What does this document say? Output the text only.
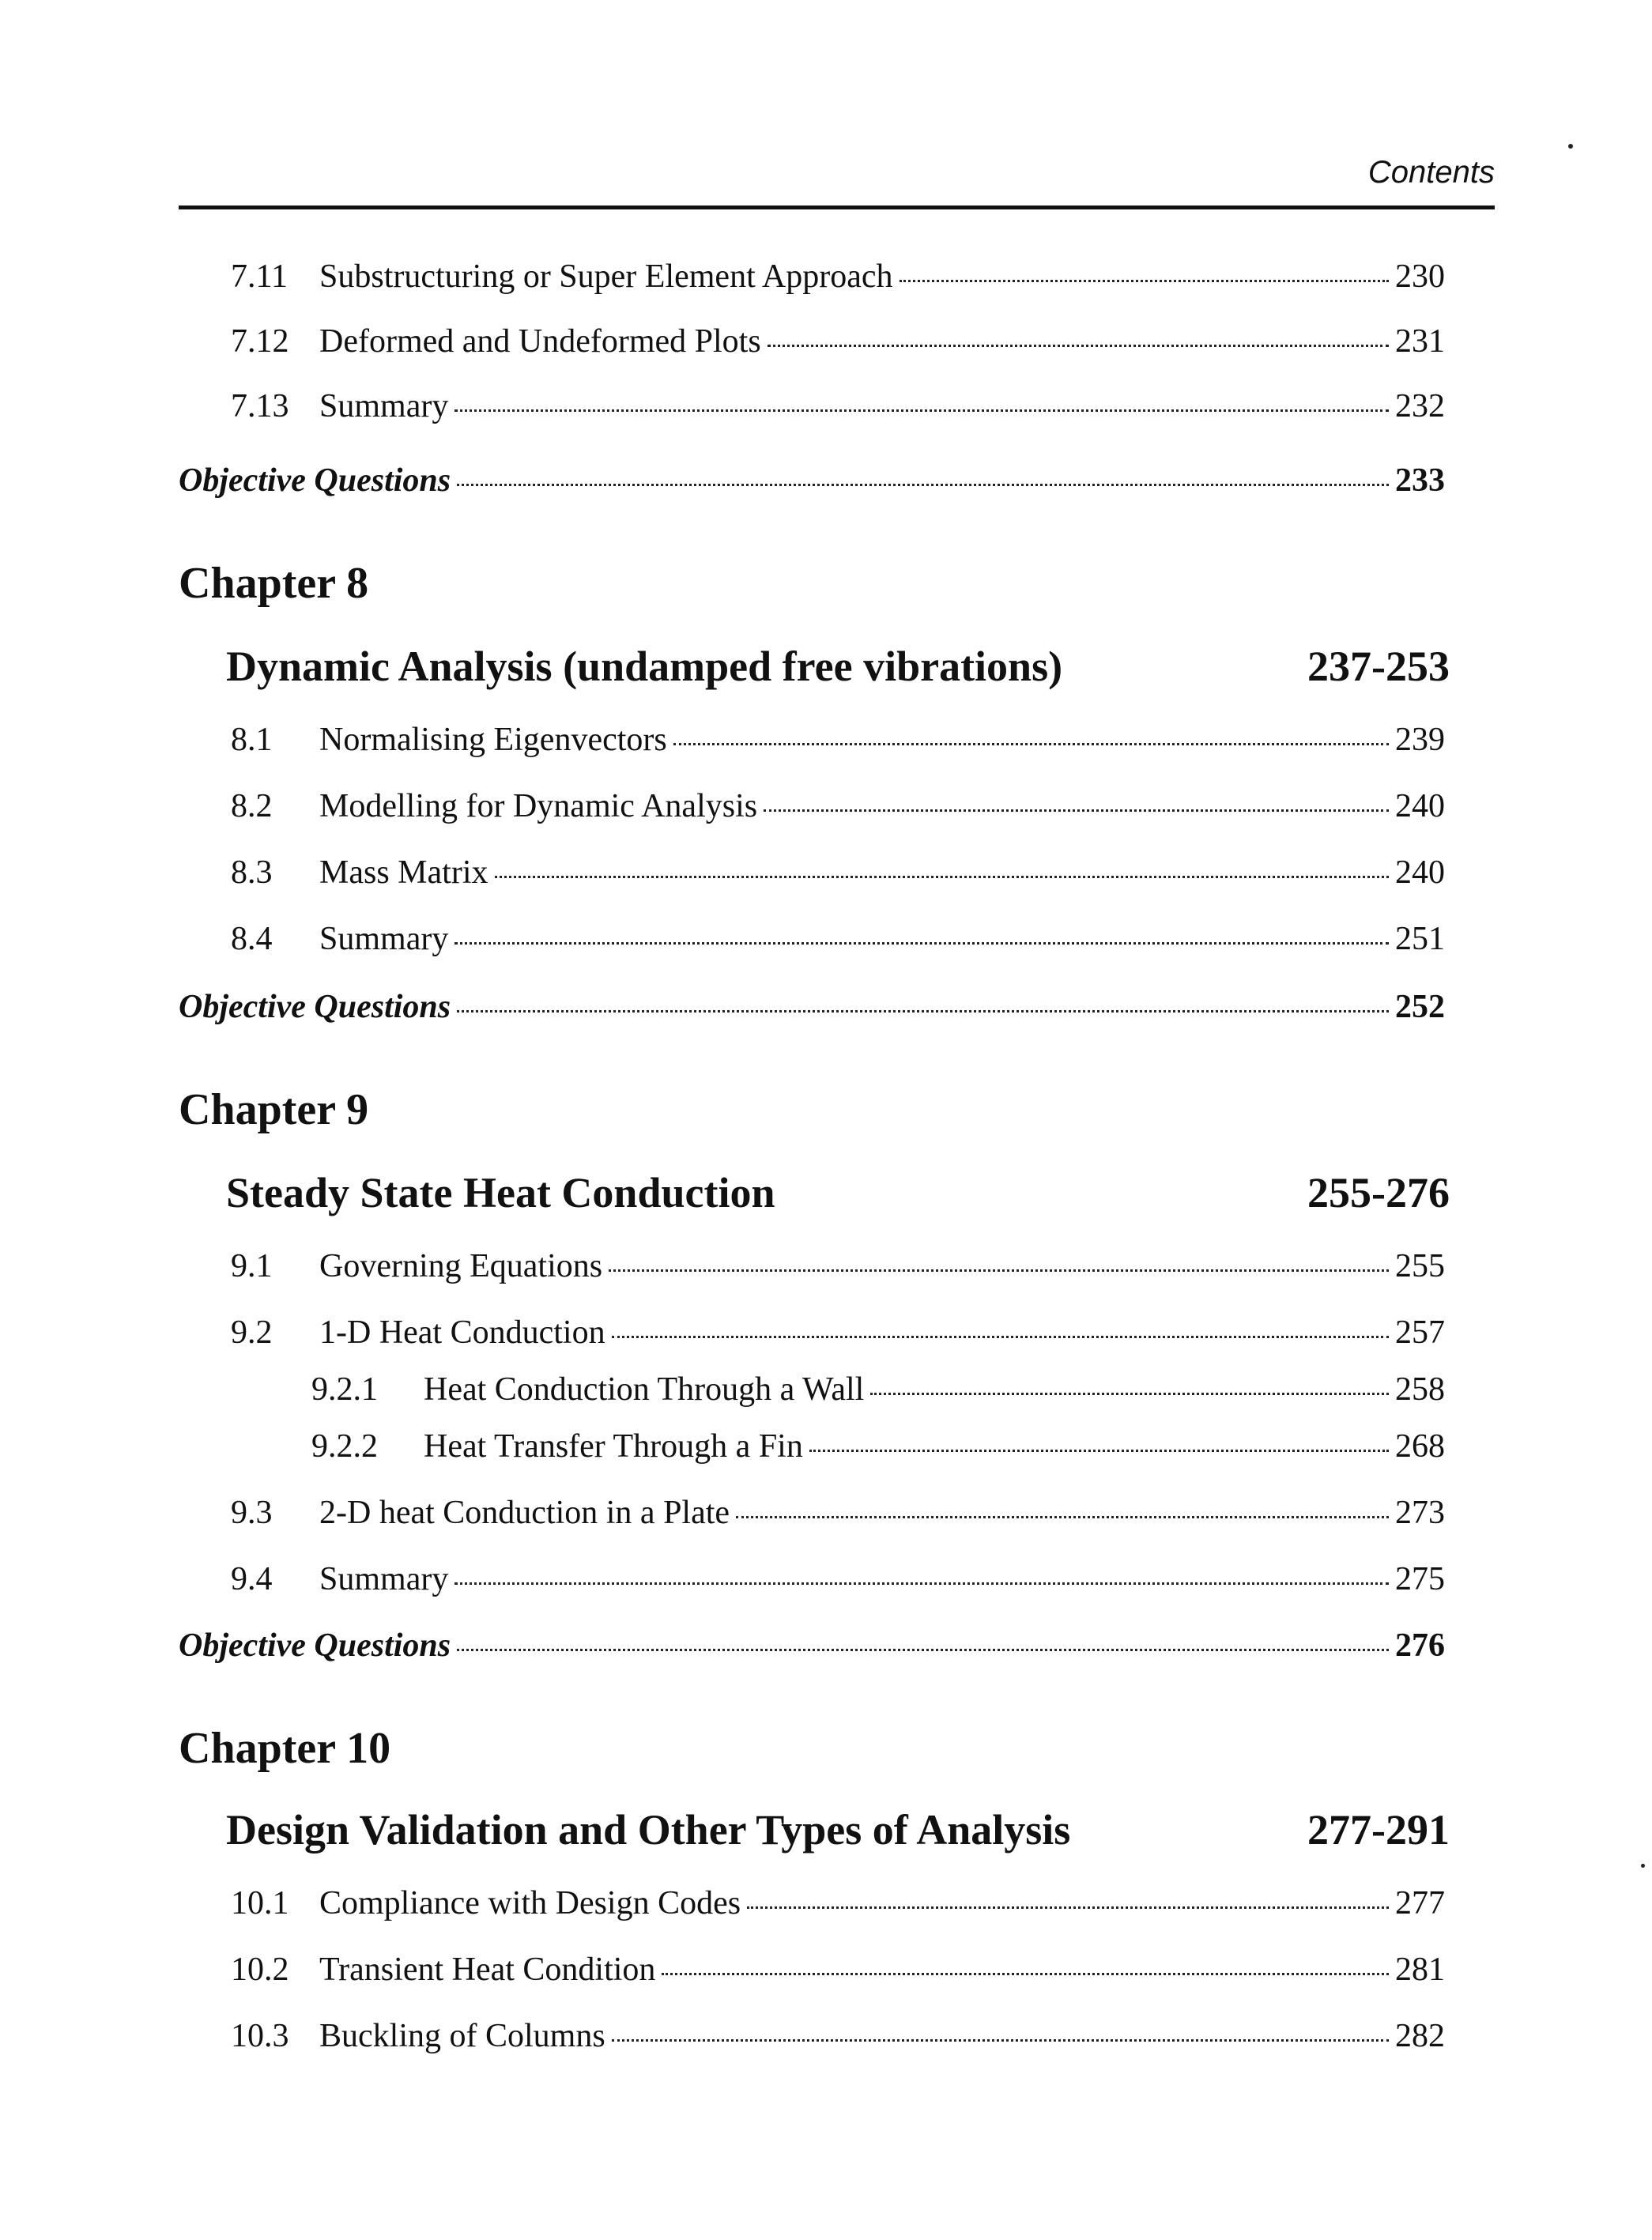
Contents
7.11 Substructuring or Super Element Approach	230
7.12 Deformed and Undeformed Plots	231
7.13 Summary	232
Objective Questions	233
Chapter 8
Dynamic Analysis (undamped free vibrations)	237-253
8.1	Normalising Eigenvectors	239
8.2	Modelling for Dynamic Analysis	240
8.3	Mass Matrix	240
8.4	Summary	251
Objective Questions	252
Chapter 9
Steady State Heat Conduction	255-276
9.1	Governing Equations	255
9.2	1-D Heat Conduction	257
9.2.1	Heat Conduction Through a Wall	258
9.2.2	Heat Transfer Through a Fin	268
9.3	2-D heat Conduction in a Plate	273
9.4	Summary	275
Objective Questions	276
Chapter 10
Design Validation and Other Types of Analysis	277-291
10.1 Compliance with Design Codes	277
10.2 Transient Heat Condition	281
10.3 Buckling of Columns	282
